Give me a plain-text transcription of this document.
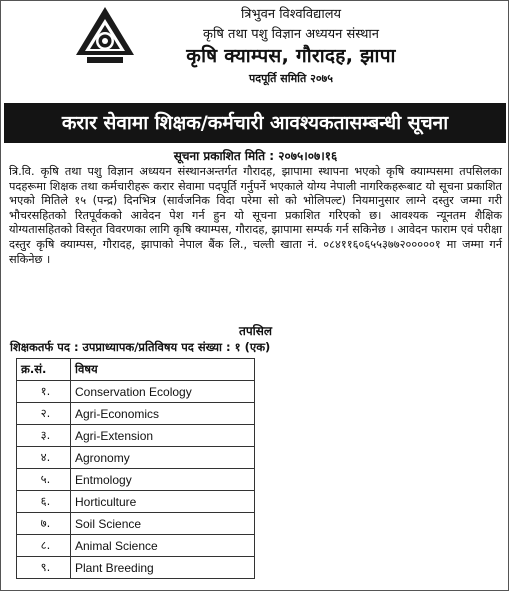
त्रिभुवन विश्वविद्यालय
कृषि तथा पशु विज्ञान अध्ययन संस्थान
कृषि क्याम्पस, गौरादह, झापा
पदपूर्ति समिति २०७५
करार सेवामा शिक्षक/कर्मचारी आवश्यकतासम्बन्धी सूचना
सूचना प्रकाशित मिति : २०७५।०७।१६
त्रि.वि. कृषि तथा पशु विज्ञान अध्ययन संस्थानअन्तर्गत गौरादह, झापामा स्थापना भएको कृषि क्याम्पसमा तपसिलका पदहरूमा शिक्षक तथा कर्मचारीहरू करार सेवामा पदपूर्ति गर्नुपर्ने भएकाले योग्य नेपाली नागरिकहरूबाट यो सूचना प्रकाशित भएको मितिले १५ (पन्द्र) दिनभित्र (सार्वजनिक विदा परेमा सो को भोलिपल्ट) नियमानुसार लाग्ने दस्तुर जम्मा गरी भौचरसहितको रितपूर्वकको आवेदन पेश गर्न हुन यो सूचना प्रकाशित गरिएको छ। आवश्यक न्यूनतम शैक्षिक योग्यतासहितको विस्तृत विवरणका लागि कृषि क्याम्पस, गौरादह, झापामा सम्पर्क गर्न सकिनेछ । आवेदन फाराम एवं परीक्षा दस्तुर कृषि क्याम्पस, गौरादह, झापाको नेपाल बैंक लि., चल्ती खाता नं. ०८४११६०६५५३७७२०००००१ मा जम्मा गर्न सकिनेछ ।
तपसिल
शिक्षकतर्फ पद : उपप्राध्यापक/प्रतिविषय पद संख्या : १ (एक)
क्र.सं.	विषय
१.	Conservation Ecology
२.	Agri-Economics
३.	Agri-Extension
४.	Agronomy
५.	Entmology
६.	Horticulture
७.	Soil Science
८.	Animal Science
९.	Plant Breeding
